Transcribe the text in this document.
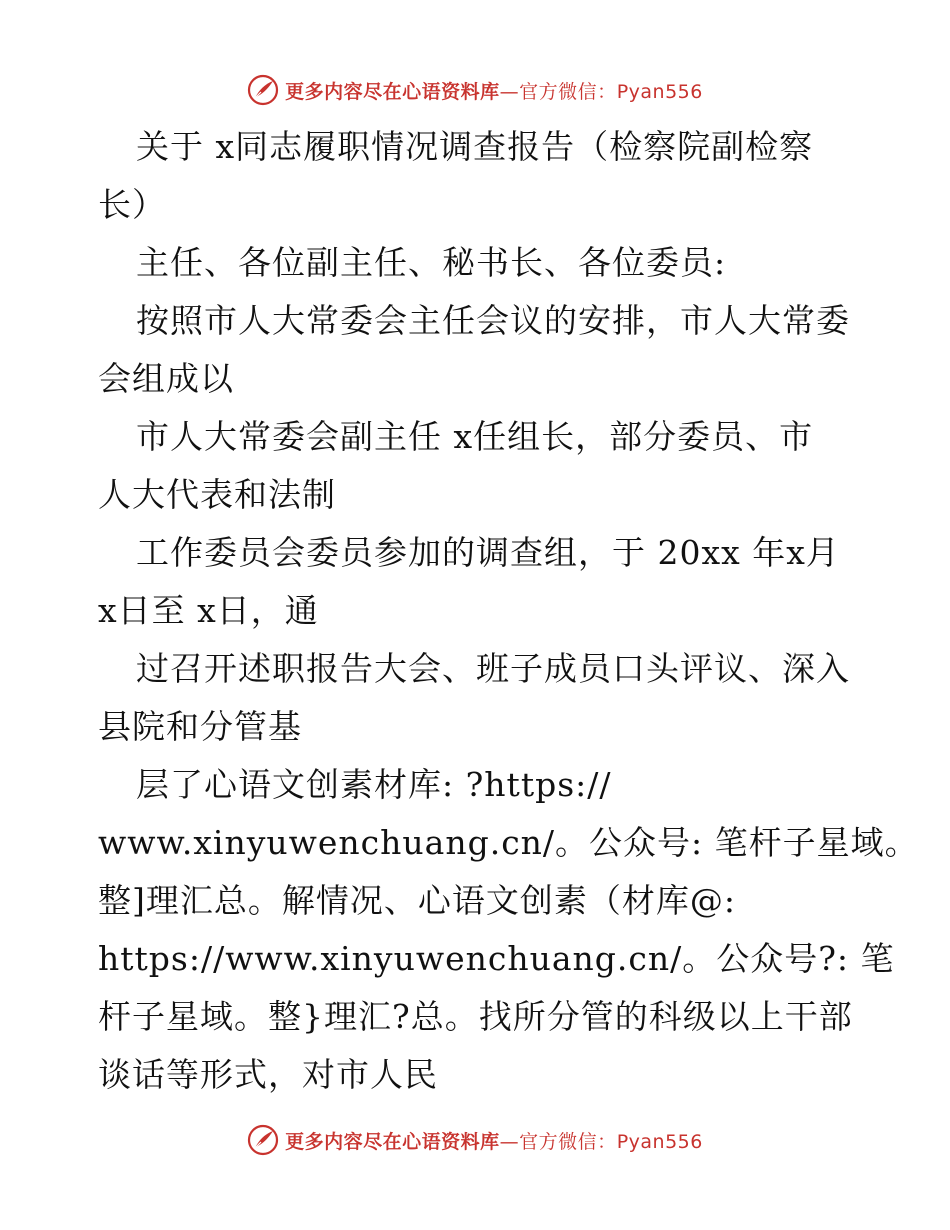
更多内容尽在心语资料库—官方微信：Pyan556
关于 x同志履职情况调查报告（检察院副检察
长）
主任、各位副主任、秘书长、各位委员:
按照市人大常委会主任会议的安排，市人大常委
会组成以
市人大常委会副主任 x任组长，部分委员、市
人大代表和法制
工作委员会委员参加的调查组，于 20xx 年x月
x日至 x日，通
过召开述职报告大会、班子成员口头评议、深入
县院和分管基
层了心语文创素材库: ?https://
www.xinyuwenchuang.cn/。公众号: 笔杆子星域。
整]理汇总。解情况、心语文创素（材库@:
https://www.xinyuwenchuang.cn/。公众号?: 笔
杆子星域。整}理汇?总。找所分管的科级以上干部
谈话等形式，对市人民
更多内容尽在心语资料库—官方微信：Pyan556
